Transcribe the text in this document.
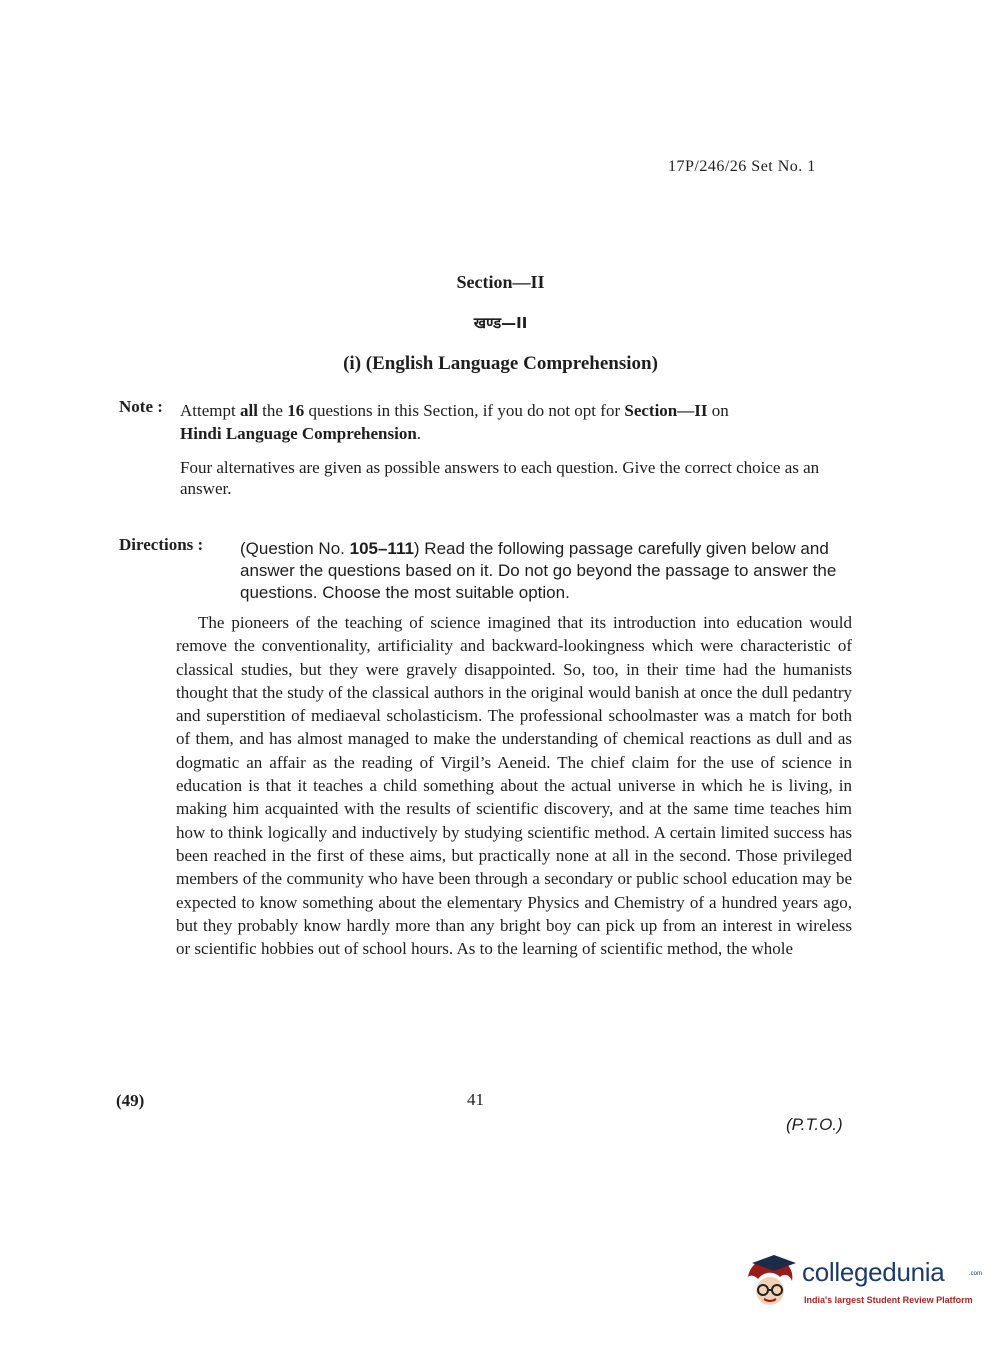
17P/246/26 Set No. 1
Section—II
खण्ड—II
(i) (English Language Comprehension)
Note : Attempt all the 16 questions in this Section, if you do not opt for Section—II on
Hindi Language Comprehension.
Four alternatives are given as possible answers to each question. Give the correct choice as an answer.
Directions : (Question No. 105–111) Read the following passage carefully given below and answer the questions based on it. Do not go beyond the passage to answer the questions. Choose the most suitable option.
The pioneers of the teaching of science imagined that its introduction into education would remove the conventionality, artificiality and backward-lookingness which were characteristic of classical studies, but they were gravely disappointed. So, too, in their time had the humanists thought that the study of the classical authors in the original would banish at once the dull pedantry and superstition of mediaeval scholasticism. The professional schoolmaster was a match for both of them, and has almost managed to make the understanding of chemical reactions as dull and as dogmatic an affair as the reading of Virgil’s Aeneid. The chief claim for the use of science in education is that it teaches a child something about the actual universe in which he is living, in making him acquainted with the results of scientific discovery, and at the same time teaches him how to think logically and inductively by studying scientific method. A certain limited success has been reached in the first of these aims, but practically none at all in the second. Those privileged members of the community who have been through a secondary or public school education may be expected to know something about the elementary Physics and Chemistry of a hundred years ago, but they probably know hardly more than any bright boy can pick up from an interest in wireless or scientific hobbies out of school hours. As to the learning of scientific method, the whole
(49)	41
(P.T.O.)
collegedunia	.com
India's largest Student Review Platform
